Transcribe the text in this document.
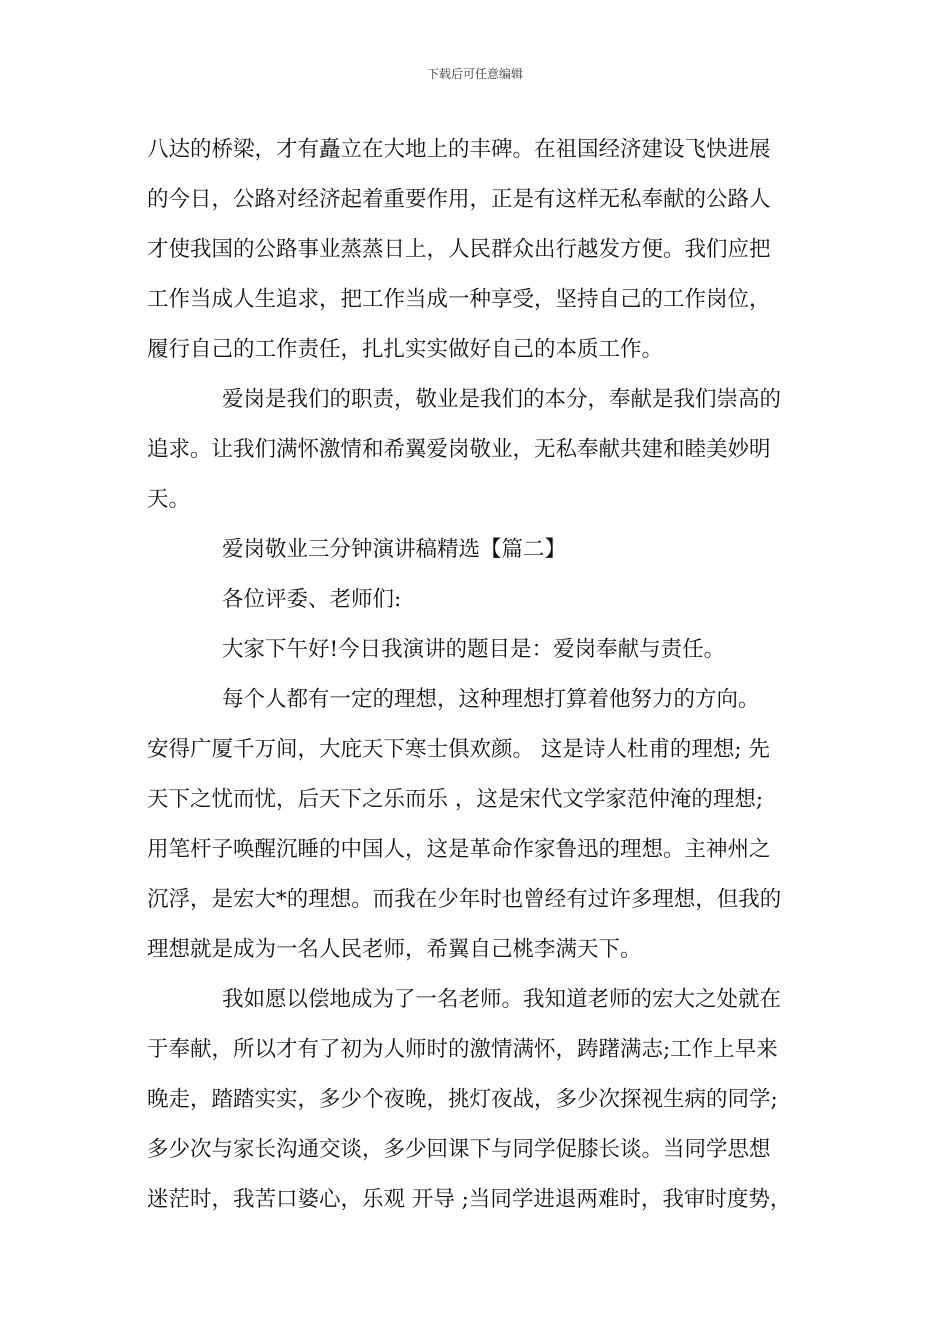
下载后可任意编辑
八达的桥梁，才有矗立在大地上的丰碑。在祖国经济建设飞快进展
的今日，公路对经济起着重要作用，正是有这样无私奉献的公路人
才使我国的公路事业蒸蒸日上，人民群众出行越发方便。我们应把
工作当成人生追求，把工作当成一种享受，坚持自己的工作岗位，
履行自己的工作责任，扎扎实实做好自己的本质工作。
爱岗是我们的职责，敬业是我们的本分，奉献是我们崇高的
追求。让我们满怀激情和希翼爱岗敬业，无私奉献共建和睦美妙明
天。
爱岗敬业三分钟演讲稿精选【篇二】
各位评委、老师们:
大家下午好!今日我演讲的题目是：爱岗奉献与责任。
每个人都有一定的理想，这种理想打算着他努力的方向。
安得广厦千万间，大庇天下寒士俱欢颜。 这是诗人杜甫的理想; 先
天下之忧而忧，后天下之乐而乐 ，这是宋代文学家范仲淹的理想;
用笔杆子唤醒沉睡的中国人，这是革命作家鲁迅的理想。主神州之
沉浮，是宏大*的理想。而我在少年时也曾经有过许多理想，但我的
理想就是成为一名人民老师，希翼自己桃李满天下。
我如愿以偿地成为了一名老师。我知道老师的宏大之处就在
于奉献，所以才有了初为人师时的激情满怀，踌躇满志;工作上早来
晚走，踏踏实实，多少个夜晚，挑灯夜战，多少次探视生病的同学;
多少次与家长沟通交谈，多少回课下与同学促膝长谈。当同学思想
迷茫时，我苦口婆心，乐观 开导 ;当同学进退两难时，我审时度势，
